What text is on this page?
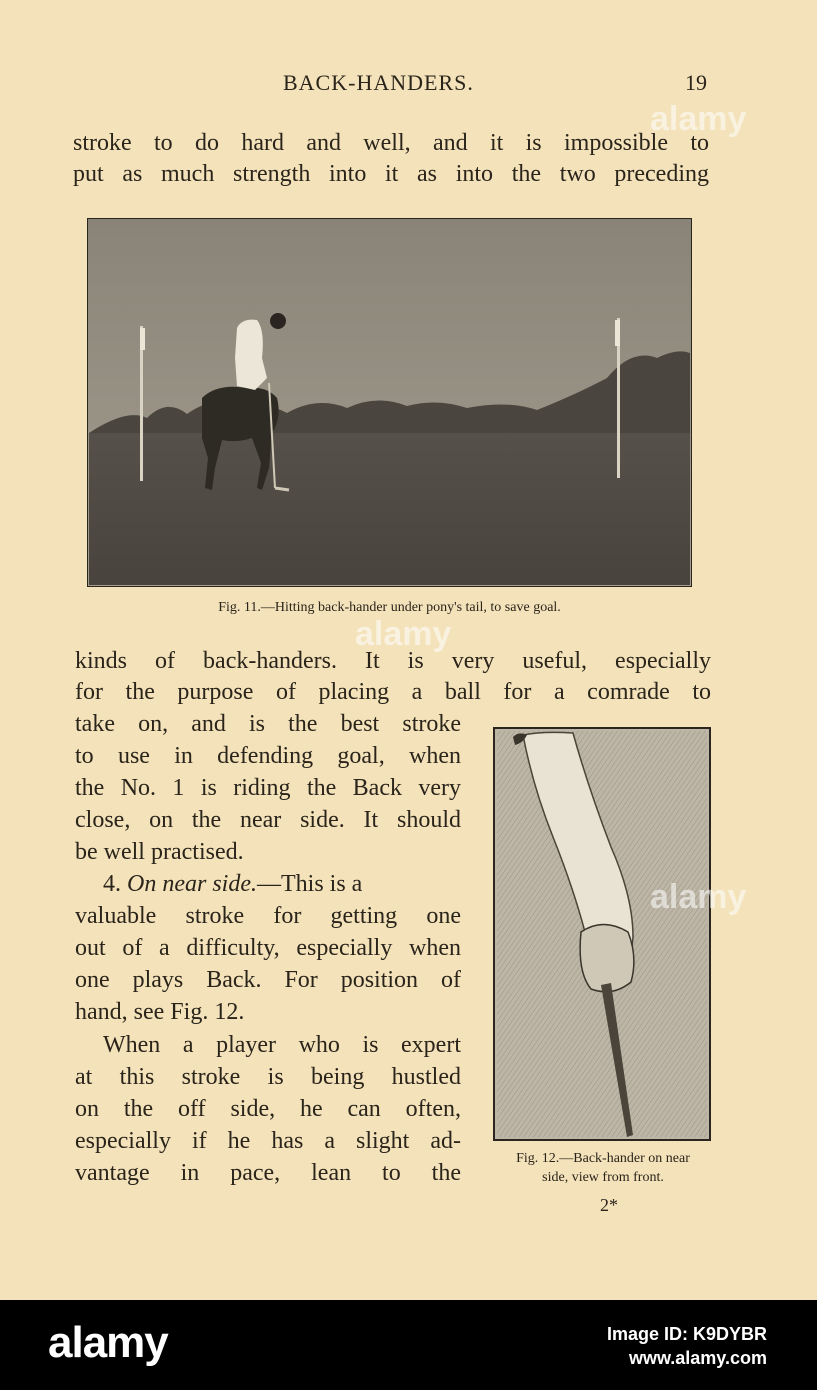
BACK-HANDERS.	19
stroke to do hard and well, and it is impossible to
put as much strength into it as into the two preceding
Fig. 11.—Hitting back-hander under pony's tail, to save goal.
kinds of back-handers. It is very useful, especially
for the purpose of placing a ball for a comrade to
take on, and is the best stroke
to use in defending goal, when
the No. 1 is riding the Back very
close, on the near side. It should
be well practised.
4. On near side.—This is a
valuable stroke for getting one
out of a difficulty, especially when
one plays Back. For position of
hand, see Fig. 12.
When a player who is expert
at this stroke is being hustled
on the off side, he can often,
especially if he has a slight ad-
vantage in pace, lean to the
Fig. 12.—Back-hander on near
side, view from front.
2*
alamy
alamy
alamy
alamy	Image ID: K9DYBR
www.alamy.com
